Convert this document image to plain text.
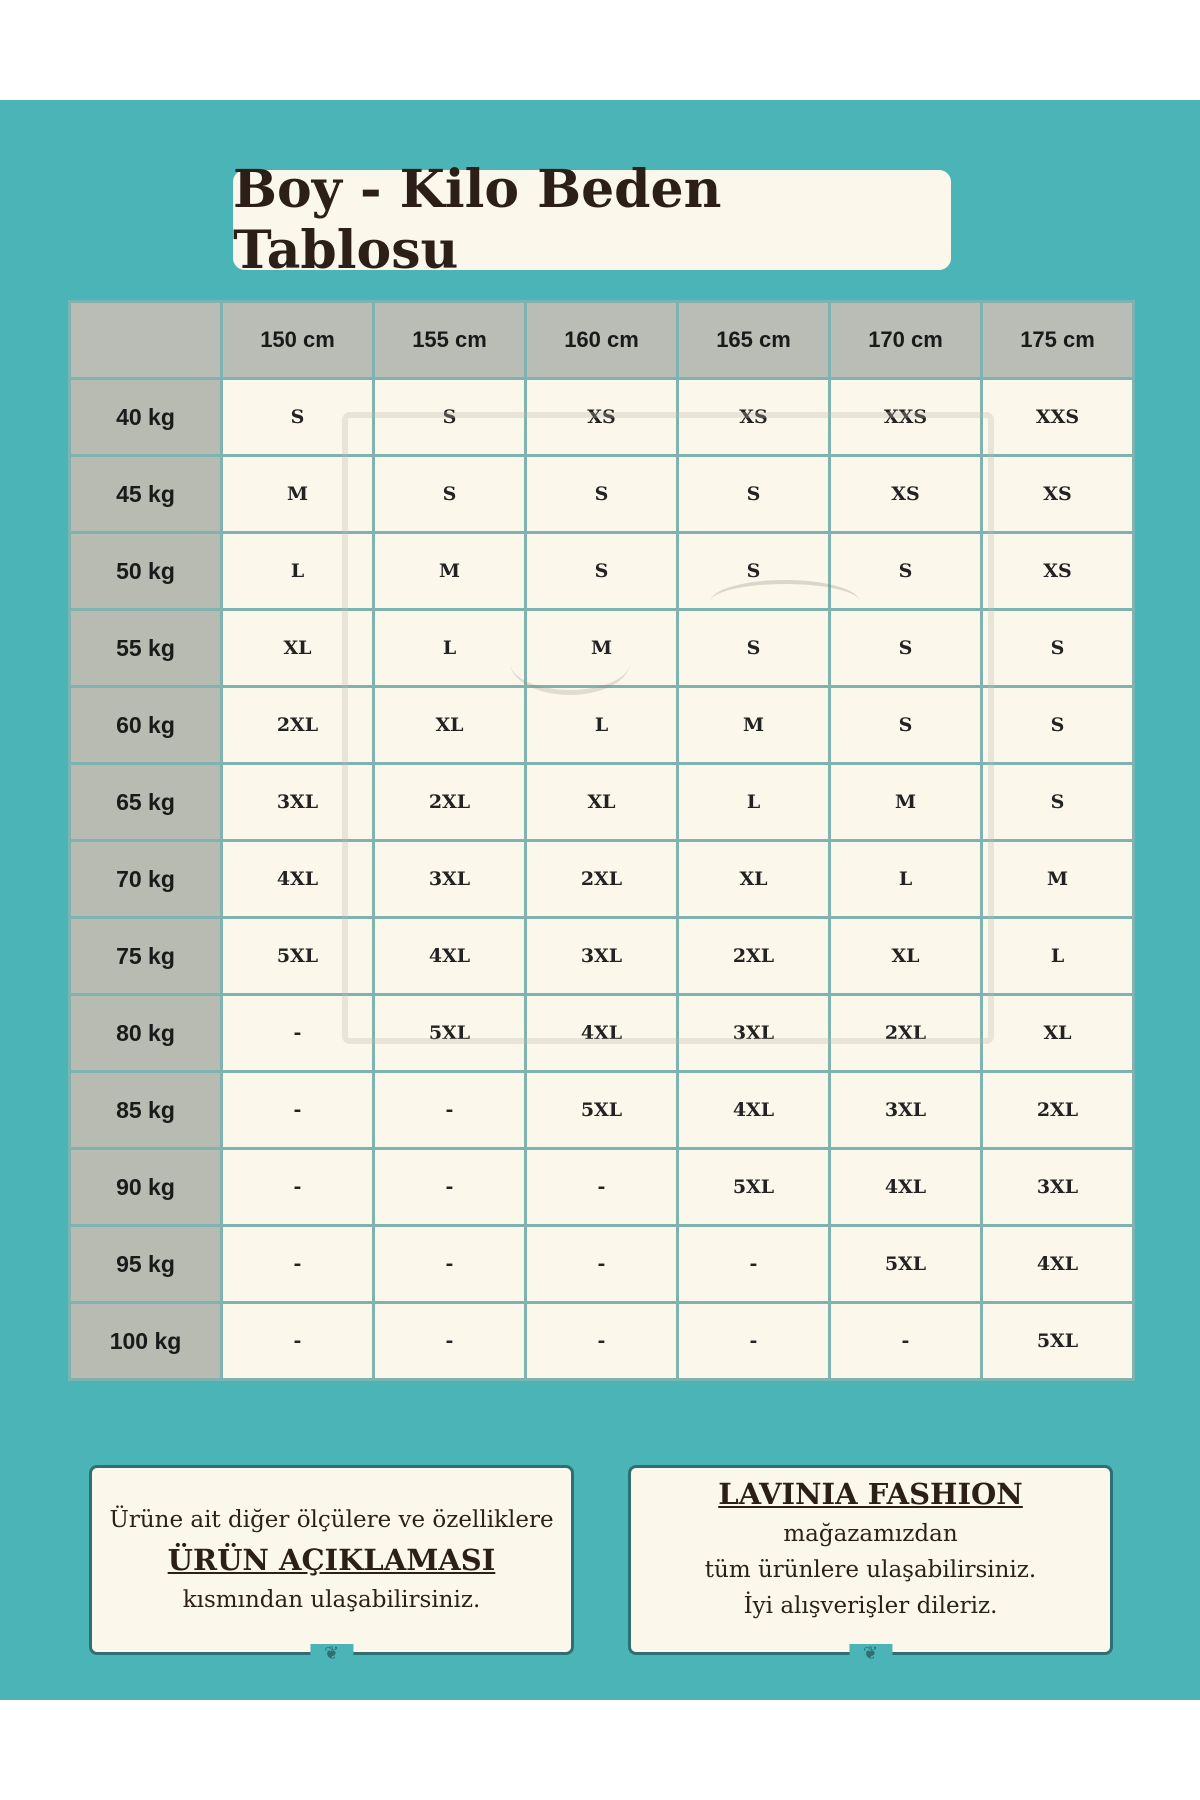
Boy - Kilo Beden Tablosu
	150 cm	155 cm	160 cm	165 cm	170 cm	175 cm
40 kg	S	S	XS	XS	XXS	XXS
45 kg	M	S	S	S	XS	XS
50 kg	L	M	S	S	S	XS
55 kg	XL	L	M	S	S	S
60 kg	2XL	XL	L	M	S	S
65 kg	3XL	2XL	XL	L	M	S
70 kg	4XL	3XL	2XL	XL	L	M
75 kg	5XL	4XL	3XL	2XL	XL	L
80 kg	-	5XL	4XL	3XL	2XL	XL
85 kg	-	-	5XL	4XL	3XL	2XL
90 kg	-	-	-	5XL	4XL	3XL
95 kg	-	-	-	-	5XL	4XL
100 kg	-	-	-	-	-	5XL
Ürüne ait diğer ölçülere ve özelliklere
ÜRÜN AÇIKLAMASI
kısmından ulaşabilirsiniz.
❦
LAVINIA FASHION
mağazamızdan
tüm ürünlere ulaşabilirsiniz.
İyi alışverişler dileriz.
❦
